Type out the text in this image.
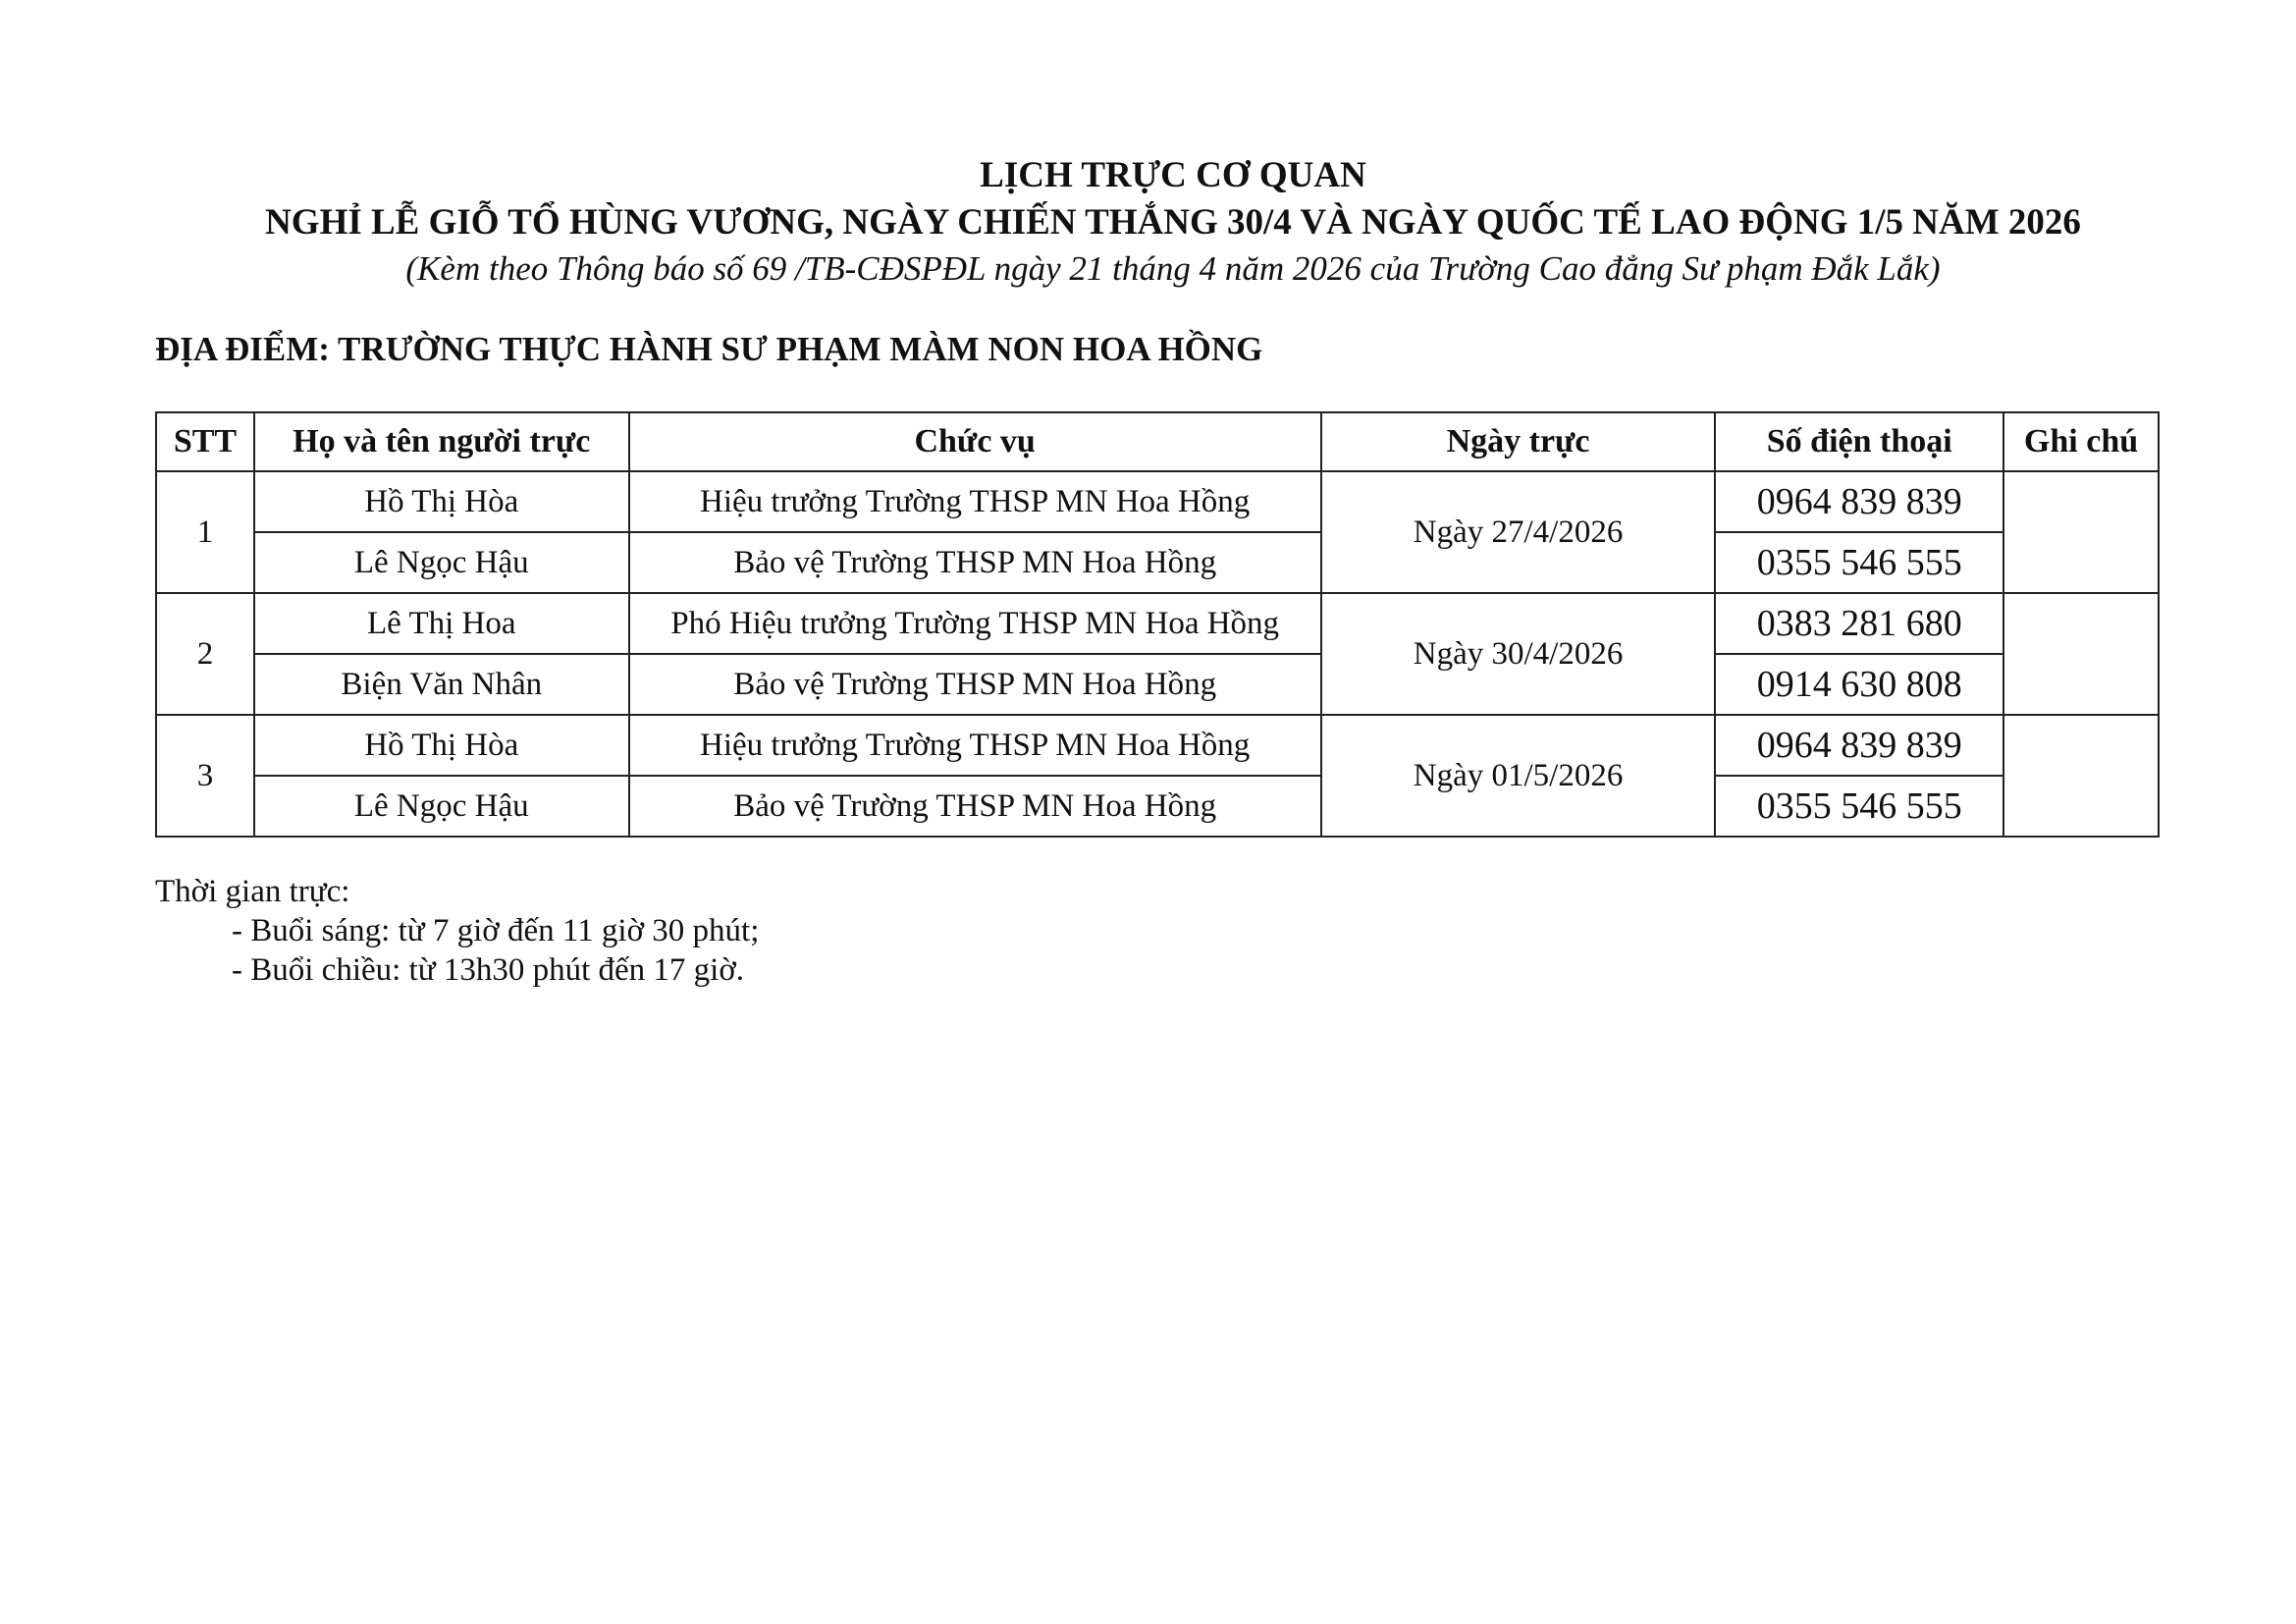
LỊCH TRỰC CƠ QUAN
NGHỈ LỄ GIỖ TỔ HÙNG VƯƠNG, NGÀY CHIẾN THẮNG 30/4 VÀ NGÀY QUỐC TẾ LAO ĐỘNG 1/5 NĂM 2026
(Kèm theo Thông báo số 69 /TB-CĐSPĐL ngày 21 tháng 4 năm 2026 của Trường Cao đẳng Sư phạm Đắk Lắk)
ĐỊA ĐIỂM: TRƯỜNG THỰC HÀNH SƯ PHẠM MÀM NON HOA HỒNG
STT	Họ và tên người trực	Chức vụ	Ngày trực	Số điện thoại	Ghi chú
1	Hồ Thị Hòa	Hiệu trưởng Trường THSP MN Hoa Hồng	Ngày 27/4/2026	0964 839 839	
	Lê Ngọc Hậu	Bảo vệ Trường THSP MN Hoa Hồng		0355 546 555	
2	Lê Thị Hoa	Phó Hiệu trưởng Trường THSP MN Hoa Hồng	Ngày 30/4/2026	0383 281 680	
	Biện Văn Nhân	Bảo vệ Trường THSP MN Hoa Hồng		0914 630 808	
3	Hồ Thị Hòa	Hiệu trưởng Trường THSP MN Hoa Hồng	Ngày 01/5/2026	0964 839 839	
	Lê Ngọc Hậu	Bảo vệ Trường THSP MN Hoa Hồng		0355 546 555	
Thời gian trực:
- Buổi sáng: từ 7 giờ đến 11 giờ 30 phút;
- Buổi chiều: từ 13h30 phút đến 17 giờ.
